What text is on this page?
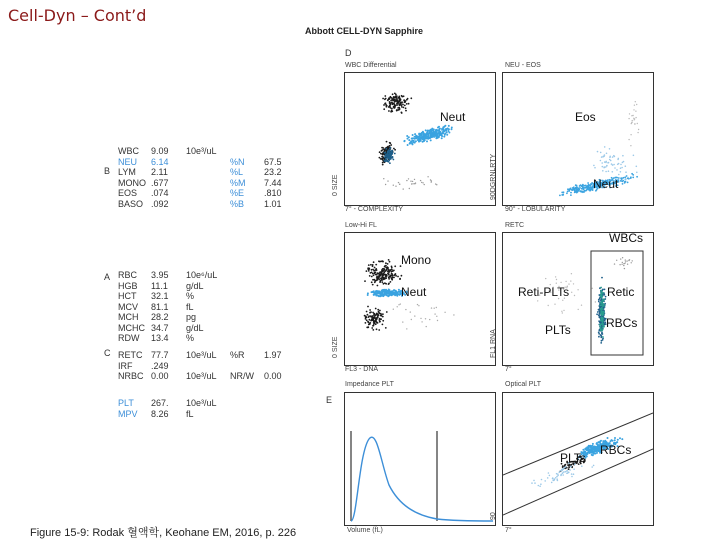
Cell-Dyn – Cont’d
Abbott CELL-DYN Sapphire
B
A
C
D
E
WBC 9.09 10e³/uL
NEU 6.14	%N 67.5
LYM 2.11	%L 23.2
MONO .677	%M 7.44
EOS .074	%E .810
BASO .092	%B 1.01
RBC 3.95 10e⁶/uL
HGB 11.1 g/dL
HCT 32.1 %
MCV 81.1 fL
MCH 28.2 pg
MCHC 34.7 g/dL
RDW 13.4 %
RETC 77.7 10e³/uL %R 1.97
IRF .249
NRBC 0.00 10e³/uL NR/W 0.00
PLT 267. 10e³/uL
MPV 8.26 fL
WBC Differential	NEU - EOS
Low-Hi FL	RETC
Impedance PLT	Optical PLT
7° - COMPLEXITY
0 SIZE
90° - LOBULARITY
90DGRNLRTY
FL3 - DNA
0 SIZE
7°
FL1 RNA
Volume (fL)	7°
90
Neut	Eos
Neut
Mono
Neut
WBCs
Reti-PLTs	Retic
PLTs	RBCs
PLTs
RBCs
Figure 15-9: Rodak 혈액학, Keohane EM, 2016, p. 226
